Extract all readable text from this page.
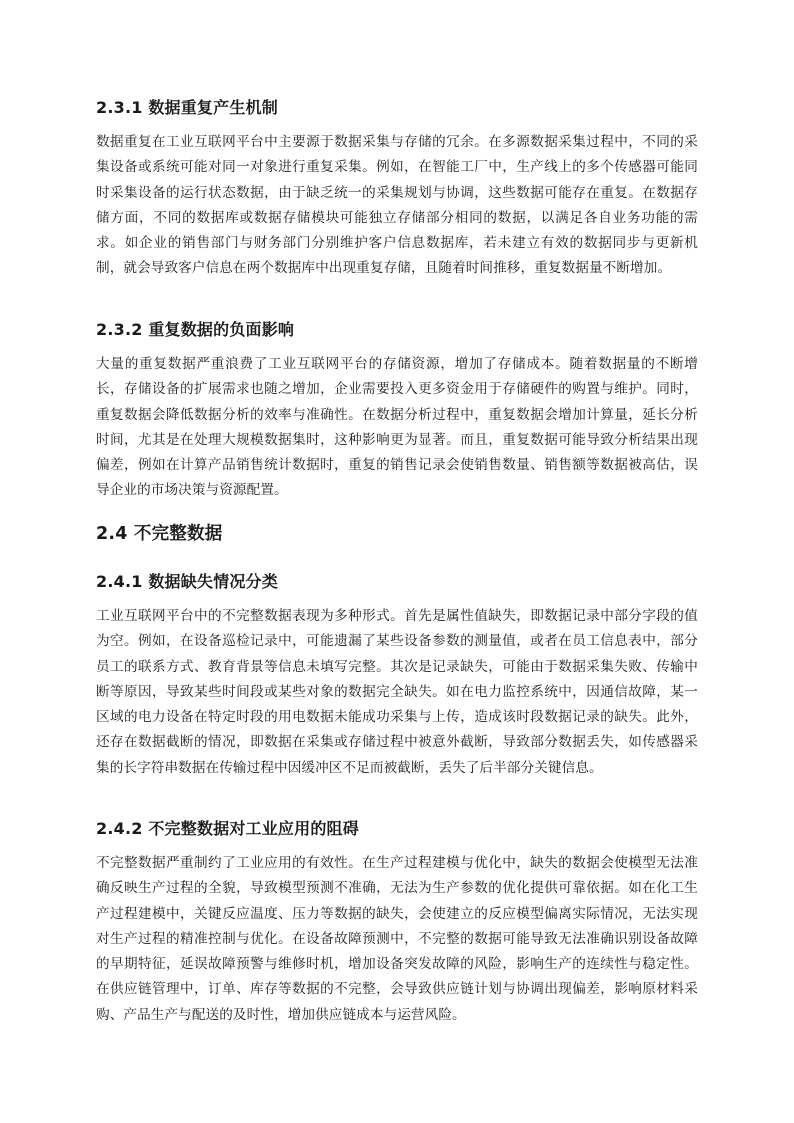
2.3.1 数据重复产生机制

数据重复在工业互联网平台中主要源于数据采集与存储的冗余。在多源数据采集过程中，不同的采集设备或系统可能对同一对象进行重复采集。例如，在智能工厂中，生产线上的多个传感器可能同时采集设备的运行状态数据，由于缺乏统一的采集规划与协调，这些数据可能存在重复。在数据存储方面，不同的数据库或数据存储模块可能独立存储部分相同的数据，以满足各自业务功能的需求。如企业的销售部门与财务部门分别维护客户信息数据库，若未建立有效的数据同步与更新机制，就会导致客户信息在两个数据库中出现重复存储，且随着时间推移，重复数据量不断增加。

2.3.2 重复数据的负面影响

大量的重复数据严重浪费了工业互联网平台的存储资源，增加了存储成本。随着数据量的不断增长，存储设备的扩展需求也随之增加，企业需要投入更多资金用于存储硬件的购置与维护。同时，重复数据会降低数据分析的效率与准确性。在数据分析过程中，重复数据会增加计算量，延长分析时间，尤其是在处理大规模数据集时，这种影响更为显著。而且，重复数据可能导致分析结果出现偏差，例如在计算产品销售统计数据时，重复的销售记录会使销售数量、销售额等数据被高估，误导企业的市场决策与资源配置。

2.4 不完整数据
2.4.1 数据缺失情况分类

工业互联网平台中的不完整数据表现为多种形式。首先是属性值缺失，即数据记录中部分字段的值为空。例如，在设备巡检记录中，可能遗漏了某些设备参数的测量值，或者在员工信息表中，部分员工的联系方式、教育背景等信息未填写完整。其次是记录缺失，可能由于数据采集失败、传输中断等原因，导致某些时间段或某些对象的数据完全缺失。如在电力监控系统中，因通信故障，某一区域的电力设备在特定时段的用电数据未能成功采集与上传，造成该时段数据记录的缺失。此外，还存在数据截断的情况，即数据在采集或存储过程中被意外截断，导致部分数据丢失，如传感器采集的长字符串数据在传输过程中因缓冲区不足而被截断，丢失了后半部分关键信息。

2.4.2 不完整数据对工业应用的阻碍

不完整数据严重制约了工业应用的有效性。在生产过程建模与优化中，缺失的数据会使模型无法准确反映生产过程的全貌，导致模型预测不准确，无法为生产参数的优化提供可靠依据。如在化工生产过程建模中，关键反应温度、压力等数据的缺失，会使建立的反应模型偏离实际情况，无法实现对生产过程的精准控制与优化。在设备故障预测中，不完整的数据可能导致无法准确识别设备故障的早期特征，延误故障预警与维修时机，增加设备突发故障的风险，影响生产的连续性与稳定性。在供应链管理中，订单、库存等数据的不完整，会导致供应链计划与协调出现偏差，影响原材料采购、产品生产与配送的及时性，增加供应链成本与运营风险。
